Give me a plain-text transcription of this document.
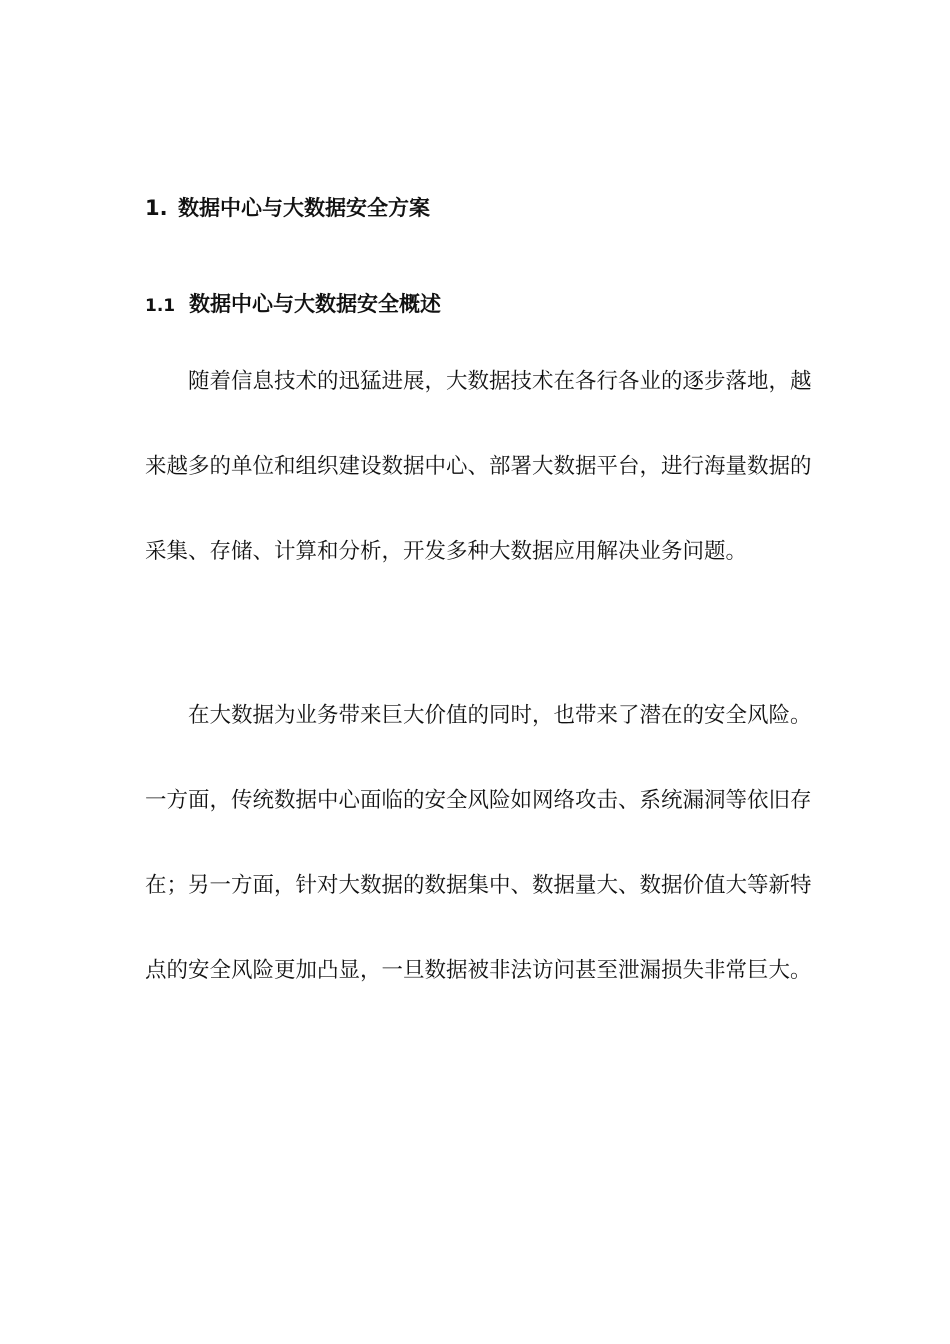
1. 数据中心与大数据安全方案
1.1 数据中心与大数据安全概述

随着信息技术的迅猛进展，大数据技术在各行各业的逐步落地，越来越多的单位和组织建设数据中心、部署大数据平台，进行海量数据的采集、存储、计算和分析，开发多种大数据应用解决业务问题。

在大数据为业务带来巨大价值的同时，也带来了潜在的安全风险。一方面，传统数据中心面临的安全风险如网络攻击、系统漏洞等依旧存在；另一方面，针对大数据的数据集中、数据量大、数据价值大等新特点的安全风险更加凸显，一旦数据被非法访问甚至泄漏损失非常巨大。
